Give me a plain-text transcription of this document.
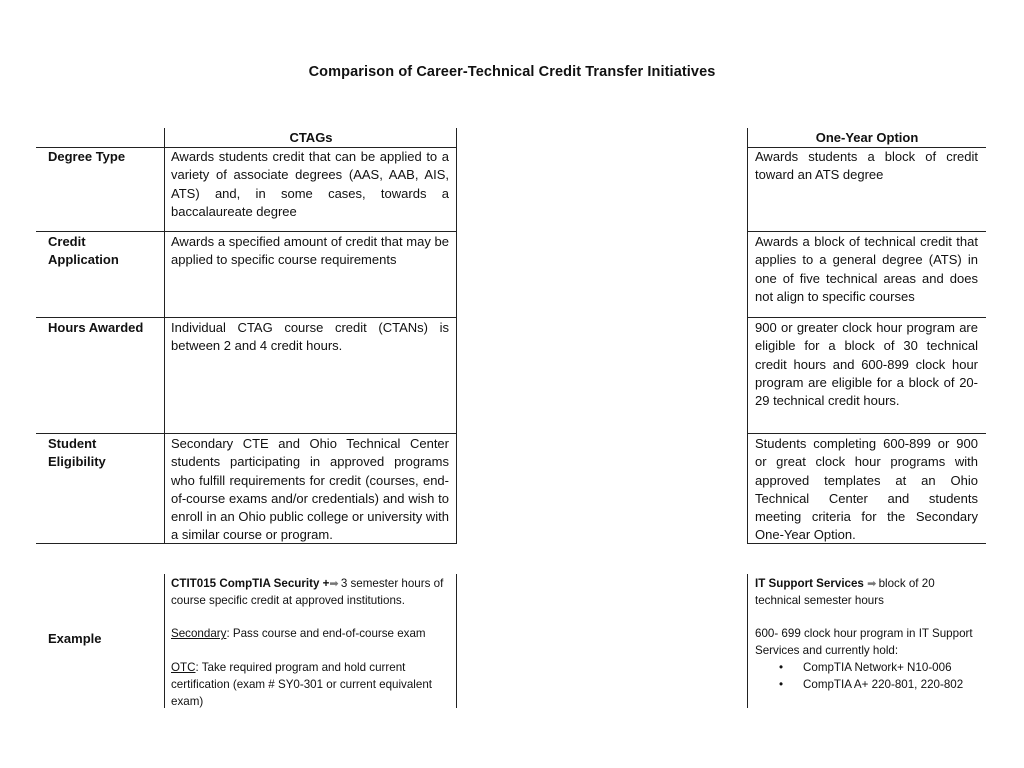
Comparison of Career-Technical Credit Transfer Initiatives
CTAGs	One-Year Option
Degree Type
Credit Application
Hours Awarded
Student Eligibility
Example
Awards students credit that can be applied to a variety of associate degrees (AAS, AAB, AIS, ATS) and, in some cases, towards a baccalaureate degree
Awards a specified amount of credit that may be applied to specific course requirements
Individual CTAG course credit (CTANs) is between 2 and 4 credit hours.
Secondary CTE and Ohio Technical Center students participating in approved programs who fulfill requirements for credit (courses, end-of-course exams and/or credentials) and wish to enroll in an Ohio public college or university with a similar course or program.
Awards students a block of credit toward an ATS degree
Awards a block of technical credit that applies to a general degree (ATS) in one of five technical areas and does not align to specific courses
900 or greater clock hour program are eligible for a block of 30 technical credit hours and 600-899 clock hour program are eligible for a block of 20-29 technical credit hours.
Students completing 600-899 or 900 or great clock hour programs with approved templates at an Ohio Technical Center and students meeting criteria for the Secondary One-Year Option.

CTIT015 CompTIA Security +➡ 3 semester hours of course specific credit at approved institutions.

Secondary: Pass course and end-of-course exam

OTC: Take required program and hold current certification (exam # SY0-301 or current equivalent exam)

IT Support Services ➡ block of 20 technical semester hours

600- 699 clock hour program in IT Support Services and currently hold:

• CompTIA Network+ N10-006
• CompTIA A+ 220-801, 220-802
